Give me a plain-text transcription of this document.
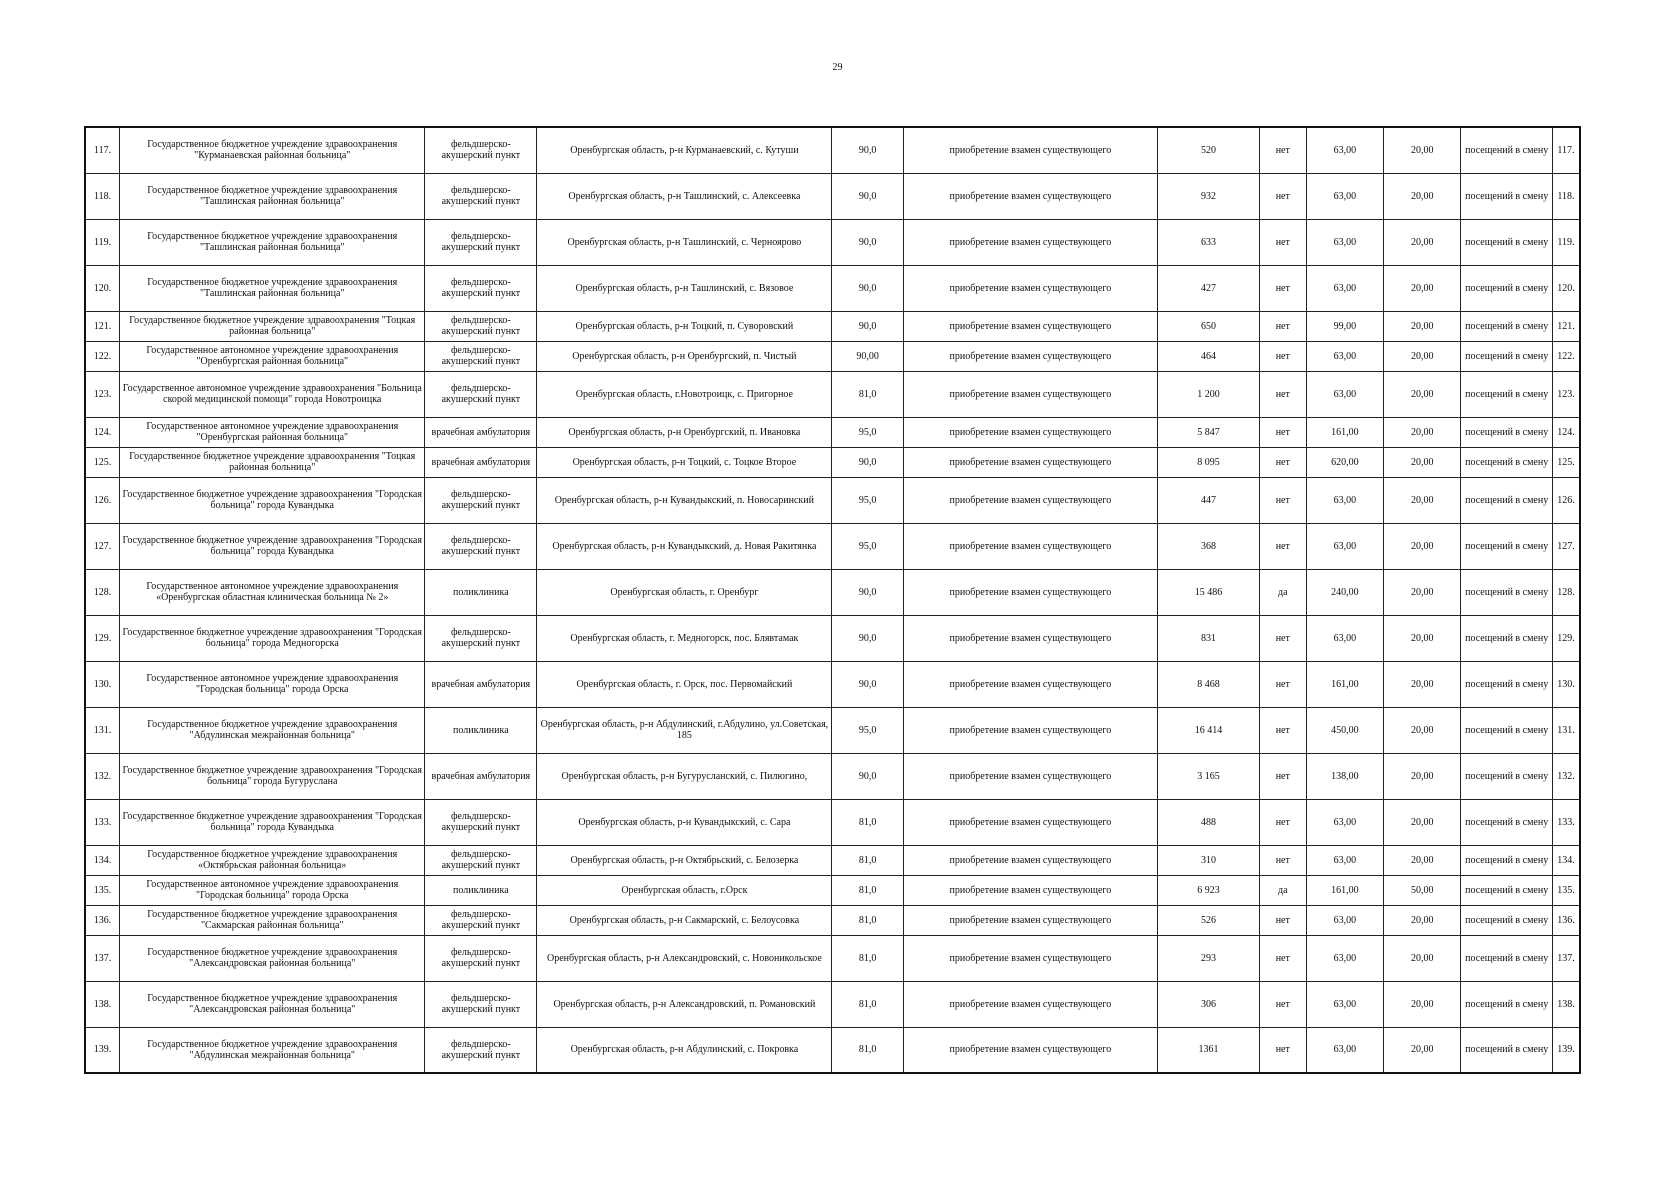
29
117.	Государственное бюджетное учреждение здравоохранения "Курманаевская районная больница"	фельдшерско-акушерский пункт	Оренбургская область, р-н Курманаевский, с. Кутуши	90,0	приобретение взамен существующего	520	нет	63,00	20,00	посещений в смену	117.
118.	Государственное бюджетное учреждение здравоохранения "Ташлинская районная больница"	фельдшерско-акушерский пункт	Оренбургская область, р-н Ташлинский, с. Алексеевка	90,0	приобретение взамен существующего	932	нет	63,00	20,00	посещений в смену	118.
119.	Государственное бюджетное учреждение здравоохранения "Ташлинская районная больница"	фельдшерско-акушерский пункт	Оренбургская область, р-н Ташлинский, с. Чернояpово	90,0	приобретение взамен существующего	633	нет	63,00	20,00	посещений в смену	119.
120.	Государственное бюджетное учреждение здравоохранения "Ташлинская районная больница"	фельдшерско-акушерский пункт	Оренбургская область, р-н Ташлинский, с. Вязовое	90,0	приобретение взамен существующего	427	нет	63,00	20,00	посещений в смену	120.
121.	Государственное бюджетное учреждение здравоохранения "Тоцкая районная больница"	фельдшерско-акушерский пункт	Оренбургская область, р-н Тоцкий, п. Суворовский	90,0	приобретение взамен существующего	650	нет	99,00	20,00	посещений в смену	121.
122.	Государственное автономное учреждение здравоохранения "Оренбургская районная больница"	фельдшерско-акушерский пункт	Оренбургская область, р-н Оренбургский, п. Чистый	90,00	приобретение взамен существующего	464	нет	63,00	20,00	посещений в смену	122.
123.	Государственное автономное учреждение здравоохранения "Больница скорой медицинской помощи" города Новотроицка	фельдшерско-акушерский пункт	Оренбургская область, г.Новотроицк, с. Пригорное	81,0	приобретение взамен существующего	1 200	нет	63,00	20,00	посещений в смену	123.
124.	Государственное автономное учреждение здравоохранения "Оренбургская районная больница"	врачебная амбулатория	Оренбургская область, р-н Оренбургский, п. Ивановка	95,0	приобретение взамен существующего	5 847	нет	161,00	20,00	посещений в смену	124.
125.	Государственное бюджетное учреждение здравоохранения "Тоцкая районная больница"	врачебная амбулатория	Оренбургская область, р-н Тоцкий, с. Тоцкое Второе	90,0	приобретение взамен существующего	8 095	нет	620,00	20,00	посещений в смену	125.
126.	Государственное бюджетное учреждение здравоохранения "Городская больница" города Кувандыка	фельдшерско-акушерский пункт	Оренбургская область, р-н Кувандыкский, п. Новосаринский	95,0	приобретение взамен существующего	447	нет	63,00	20,00	посещений в смену	126.
127.	Государственное бюджетное учреждение здравоохранения "Городская больница" города Кувандыка	фельдшерско-акушерский пункт	Оренбургская область, р-н Кувандыкский, д. Новая Ракитянка	95,0	приобретение взамен существующего	368	нет	63,00	20,00	посещений в смену	127.
128.	Государственное автономное учреждение здравоохранения «Оренбургская областная клиническая больница № 2»	поликлиника	Оренбургская область, г. Оренбург	90,0	приобретение взамен существующего	15 486	да	240,00	20,00	посещений в смену	128.
129.	Государственное бюджетное учреждение здравоохранения "Городская больница" города Медногорска	фельдшерско-акушерский пункт	Оренбургская область, г. Медногорск, пос. Блявтамак	90,0	приобретение взамен существующего	831	нет	63,00	20,00	посещений в смену	129.
130.	Государственное автономное учреждение здравоохранения "Городская больница" города Орска	врачебная амбулатория	Оренбургская область, г. Орск, пос. Первомайский	90,0	приобретение взамен существующего	8 468	нет	161,00	20,00	посещений в смену	130.
131.	Государственное бюджетное учреждение здравоохранения "Абдулинская межрайонная больница"	поликлиника	Оренбургская область, р-н Абдулинский, г.Абдулино, ул.Советская, 185	95,0	приобретение взамен существующего	16 414	нет	450,00	20,00	посещений в смену	131.
132.	Государственное бюджетное учреждение здравоохранения "Городская больница" города Бугуруслана	врачебная амбулатория	Оренбургская область, р-н Бугурусланский, с. Пилюгино,	90,0	приобретение взамен существующего	3 165	нет	138,00	20,00	посещений в смену	132.
133.	Государственное бюджетное учреждение здравоохранения "Городская больница" города Кувандыка	фельдшерско-акушерский пункт	Оренбургская область, р-н Кувандыкский, с. Сара	81,0	приобретение взамен существующего	488	нет	63,00	20,00	посещений в смену	133.
134.	Государственное бюджетное учреждение здравоохранения «Октябрьская районная больница»	фельдшерско-акушерский пункт	Оренбургская область, р-н Октябрьский, с. Белозерка	81,0	приобретение взамен существующего	310	нет	63,00	20,00	посещений в смену	134.
135.	Государственное автономное учреждение здравоохранения "Городская больница" города Орска	поликлиника	Оренбургская область, г.Орск	81,0	приобретение взамен существующего	6 923	да	161,00	50,00	посещений в смену	135.
136.	Государственное бюджетное учреждение здравоохранения "Сакмарская районная больница"	фельдшерско-акушерский пункт	Оренбургская область, р-н Сакмарский, с. Белоусовка	81,0	приобретение взамен существующего	526	нет	63,00	20,00	посещений в смену	136.
137.	Государственное бюджетное учреждение здравоохранения "Александровская районная больница"	фельдшерско-акушерский пункт	Оренбургская область, р-н Александровский, с. Новоникольское	81,0	приобретение взамен существующего	293	нет	63,00	20,00	посещений в смену	137.
138.	Государственное бюджетное учреждение здравоохранения "Александровская районная больница"	фельдшерско-акушерский пункт	Оренбургская область, р-н Александровский, п. Романовский	81,0	приобретение взамен существующего	306	нет	63,00	20,00	посещений в смену	138.
139.	Государственное бюджетное учреждение здравоохранения "Абдулинская межрайонная больница"	фельдшерско-акушерский пункт	Оренбургская область, р-н Абдулинский, с. Покровка	81,0	приобретение взамен существующего	1361	нет	63,00	20,00	посещений в смену	139.
